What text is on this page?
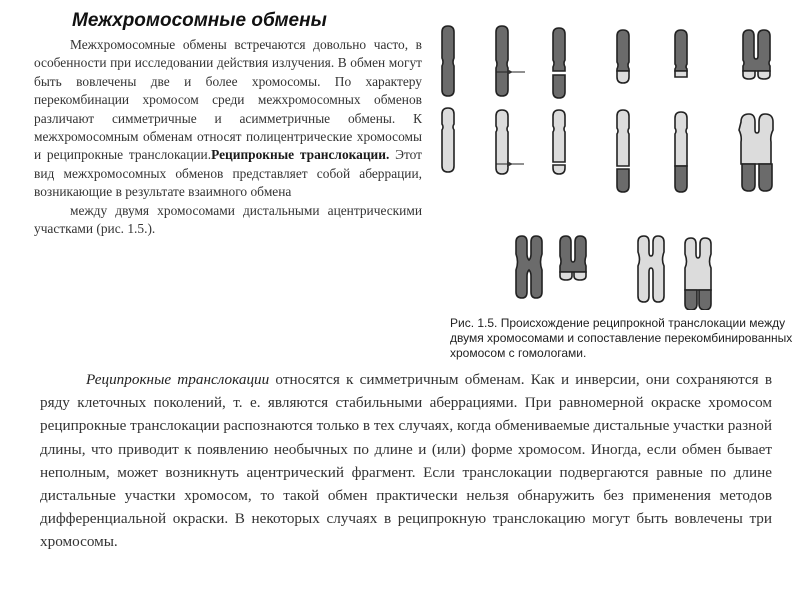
Межхромосомные обмены

Межхромосомные обмены встречаются довольно часто, в особенности при исследовании действия излучения. В обмен могут быть вовлечены две и более хромосомы. По характеру перекомбинации хромосом среди межхромосомных обменов различают симметричные и асимметричные обмены. К межхромосомным обменам относят полицентрические хромосомы и реципрокные транслокации.Реципрокные транслокации. Этот вид межхромосомных обменов представляет собой аберрации, возникающие в результате взаимного обмена

между двумя хромосомами дистальными ацентрическими участками (рис. 1.5.).

Рис. 1.5. Происхождение реципрокной транслокации между двумя хромосомами и сопоставление перекомбинированных хромосом с гомологами.

Реципрокные транслокации относятся к симметричным обменам. Как и инверсии, они сохраняются в ряду клеточных поколений, т. е. являются стабильными аберрациями. При равномерной окраске хромосом реципрокные транслокации распознаются только в тех случаях, когда обмениваемые дистальные участки разной длины, что приводит к появлению необычных по длине и (или) форме хромосом. Иногда, если обмен бывает неполным, может возникнуть ацентрический фрагмент. Если транслокации подвергаются равные по длине дистальные участки хромосом, то такой обмен практически нельзя обнаружить без применения методов дифференциальной окраски. В некоторых случаях в реципрокную транслокацию могут быть вовлечены три хромосомы.
